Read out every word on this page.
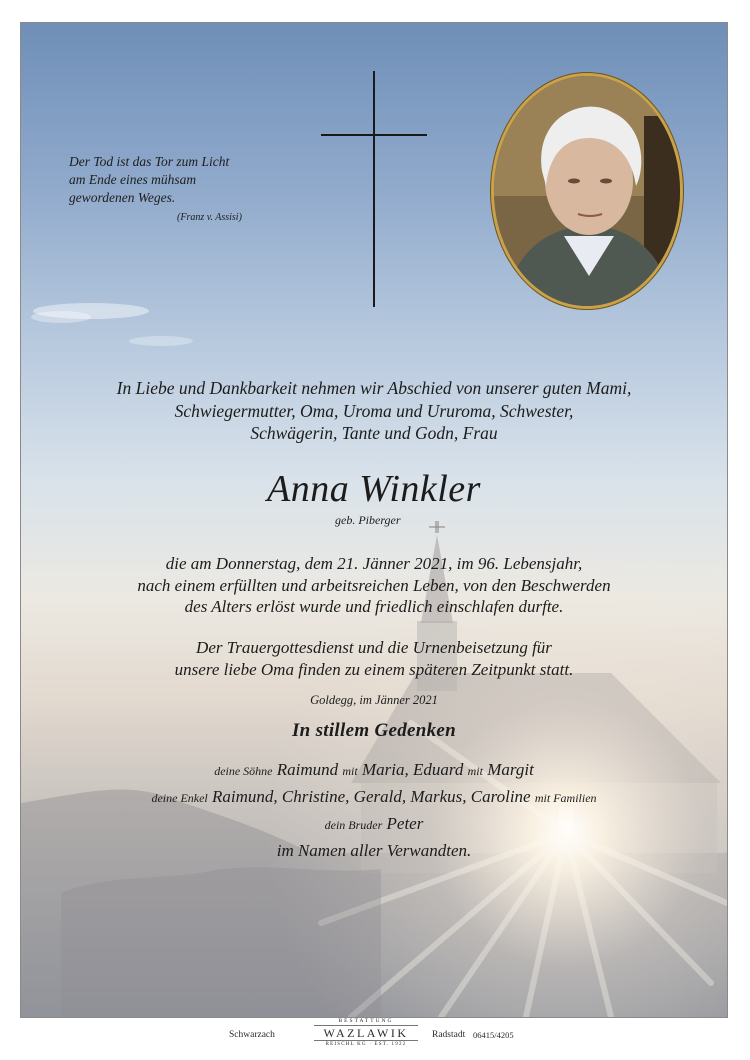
Der Tod ist das Tor zum Licht
am Ende eines mühsam
gewordenen Weges.
(Franz v. Assisi)
In Liebe und Dankbarkeit nehmen wir Abschied von unserer guten Mami,
Schwiegermutter, Oma, Uroma und Ururoma, Schwester,
Schwägerin, Tante und Godn, Frau
Anna Winkler
geb. Piberger
die am Donnerstag, dem 21. Jänner 2021, im 96. Lebensjahr,
nach einem erfüllten und arbeitsreichen Leben, von den Beschwerden
des Alters erlöst wurde und friedlich einschlafen durfte.
Der Trauergottesdienst und die Urnenbeisetzung für
unsere liebe Oma finden zu einem späteren Zeitpunkt statt.
Goldegg, im Jänner 2021
In stillem Gedenken
deine Söhne Raimund mit Maria, Eduard mit Margit
deine Enkel Raimund, Christine, Gerald, Markus, Caroline mit Familien
dein Bruder Peter
im Namen aller Verwandten.
Schwarzach
BESTATTUNG
WAZLAWIK
REISCHL KG · EST. 1922
Radstadt 06415/4205
